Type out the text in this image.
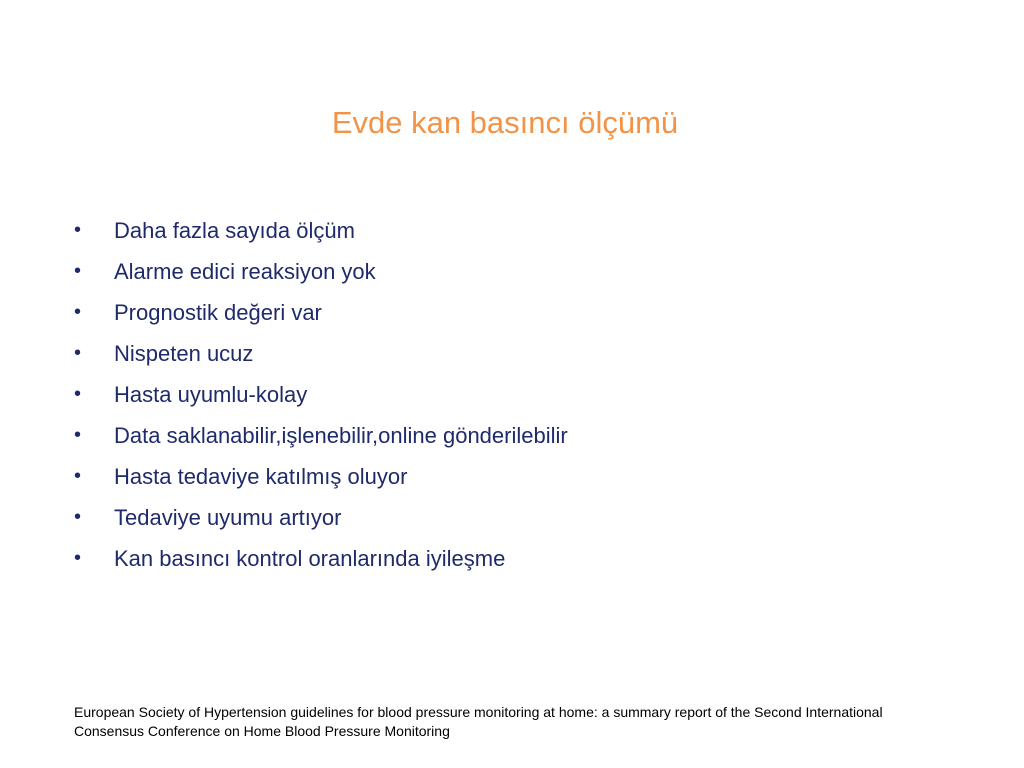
Evde kan basıncı ölçümü
• Daha fazla sayıda ölçüm
• Alarme edici reaksiyon yok
• Prognostik değeri var
• Nispeten ucuz
• Hasta uyumlu-kolay
• Data saklanabilir,işlenebilir,online gönderilebilir
• Hasta tedaviye katılmış oluyor
• Tedaviye uyumu artıyor
• Kan basıncı kontrol oranlarında iyileşme

European Society of Hypertension guidelines for blood pressure monitoring at home: a summary report of the Second International Consensus Conference on Home Blood Pressure Monitoring
